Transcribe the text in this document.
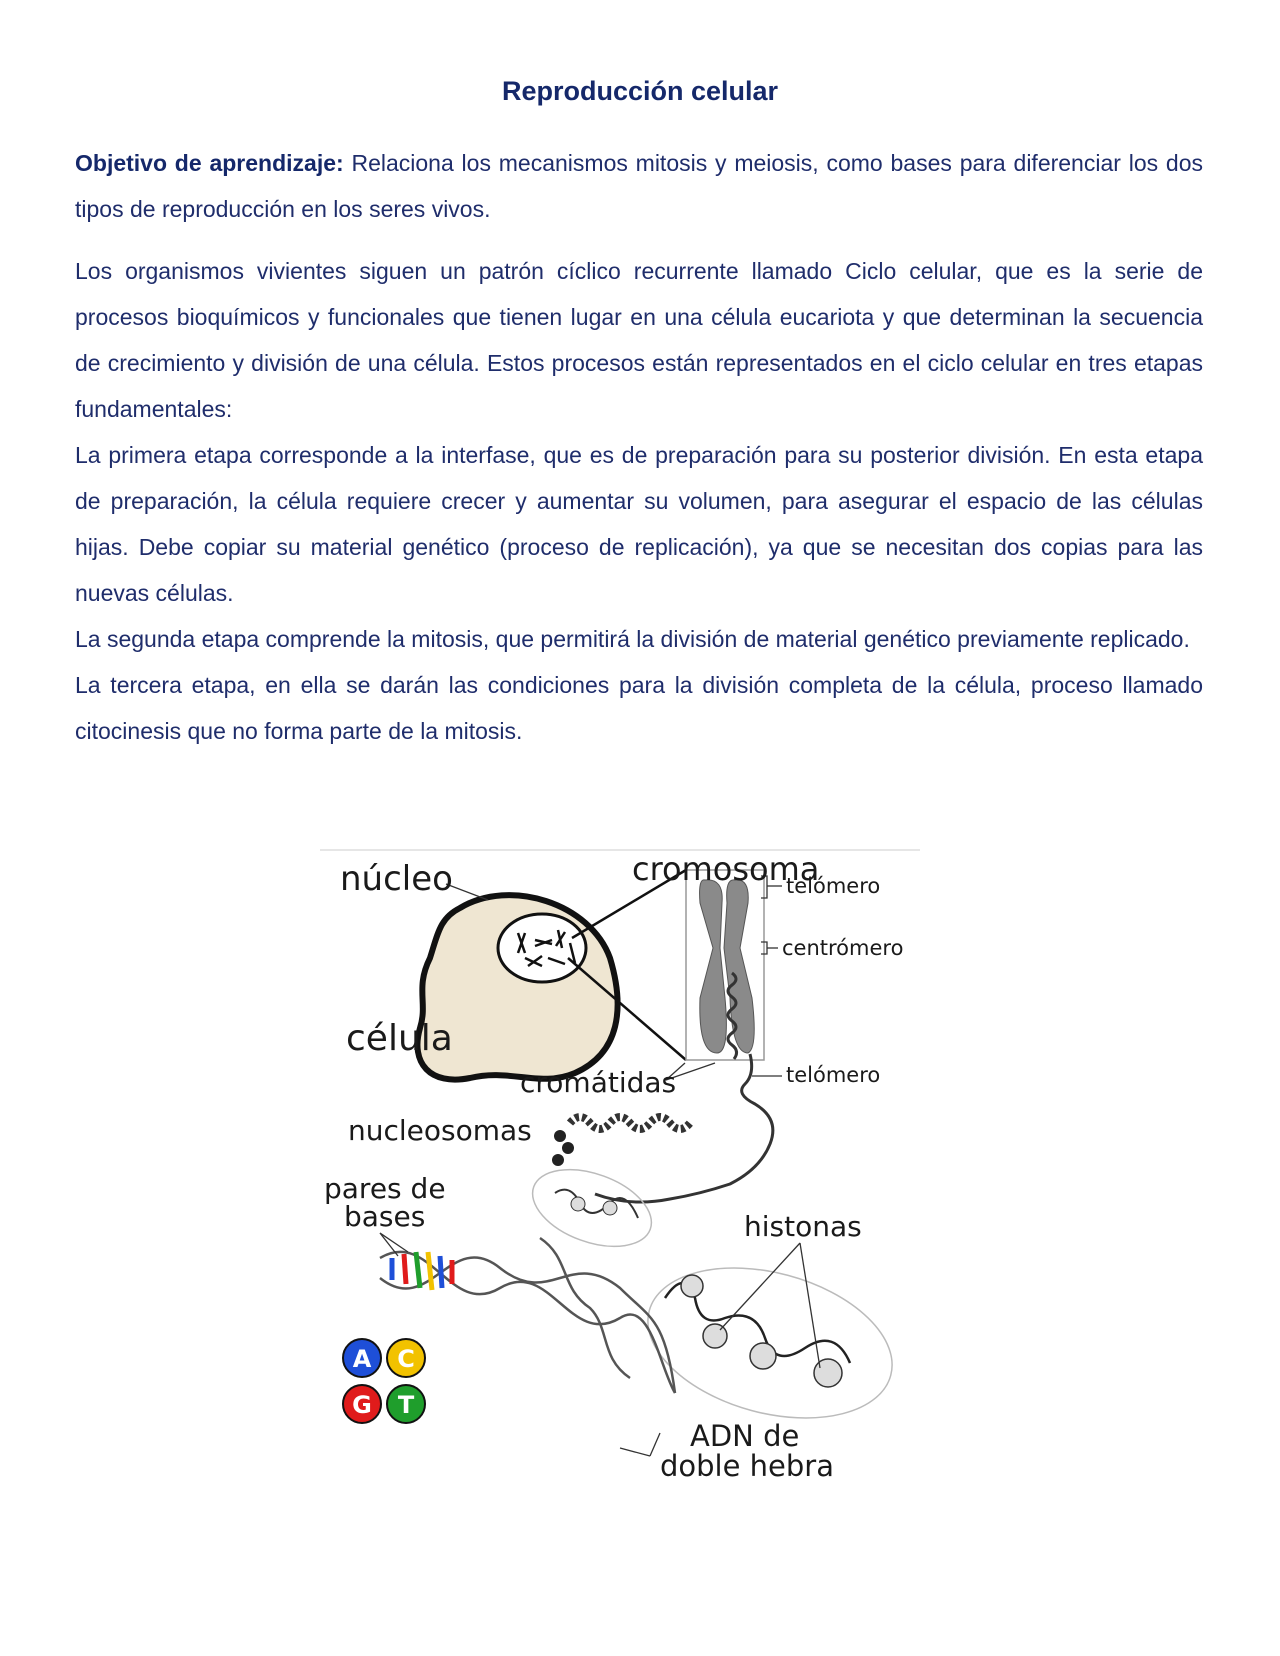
Reproducción celular

Objetivo de aprendizaje: Relaciona los mecanismos mitosis y meiosis, como bases para diferenciar los dos tipos de reproducción en los seres vivos.

Los organismos vivientes siguen un patrón cíclico recurrente llamado Ciclo celular, que es la serie de procesos bioquímicos y funcionales que tienen lugar en una célula eucariota y que determinan la secuencia de crecimiento y división de una célula. Estos procesos están representados en el ciclo celular en tres etapas fundamentales:

La primera etapa corresponde a la interfase, que es de preparación para su posterior división. En esta etapa de preparación, la célula requiere crecer y aumentar su volumen, para asegurar el espacio de las células hijas. Debe copiar su material genético (proceso de replicación), ya que se necesitan dos copias para las nuevas células.

La segunda etapa comprende la mitosis, que permitirá la división de material genético previamente replicado.

La tercera etapa, en ella se darán las condiciones para la división completa de la célula, proceso llamado citocinesis que no forma parte de la mitosis.

A C
G T
núcleo
célula
cromosoma
telómero
centrómero
telómero
cromátidas
nucleosomas
pares de
bases	histonas
ADN de
doble hebra
